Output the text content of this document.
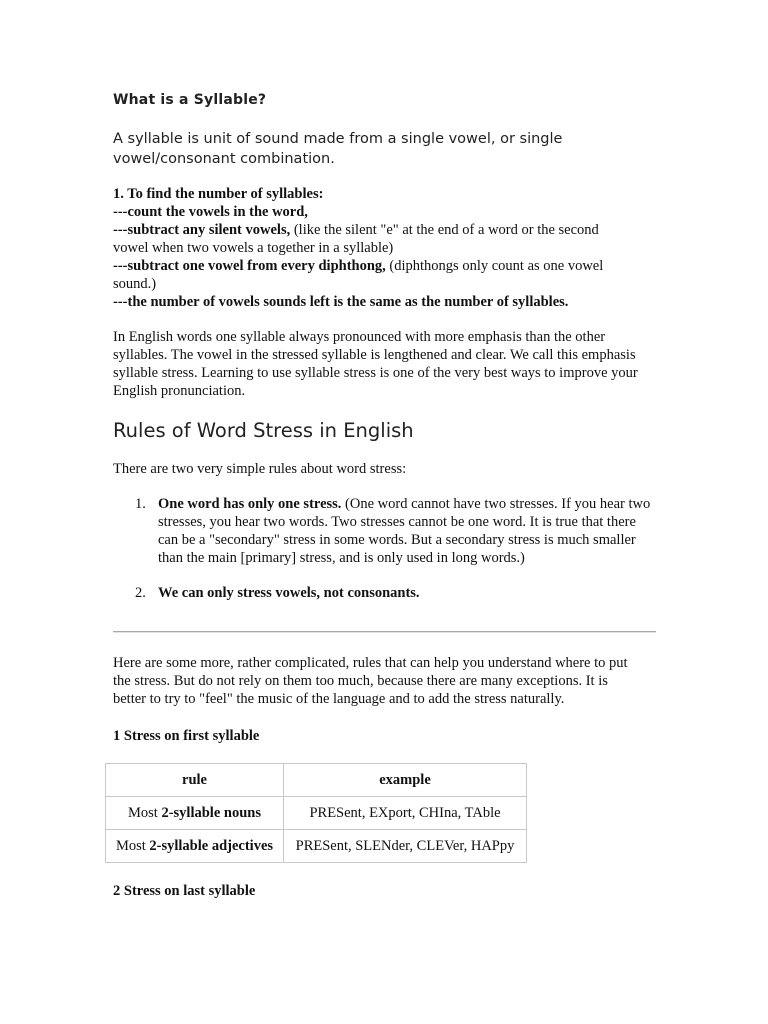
What is a Syllable?
A syllable is unit of sound made from a single vowel, or single vowel/consonant combination.
1. To find the number of syllables:
---count the vowels in the word,
---subtract any silent vowels, (like the silent "e" at the end of a word or the second vowel when two vowels a together in a syllable)
---subtract one vowel from every diphthong, (diphthongs only count as one vowel sound.)
---the number of vowels sounds left is the same as the number of syllables.
In English words one syllable always pronounced with more emphasis than the other syllables. The vowel in the stressed syllable is lengthened and clear. We call this emphasis syllable stress. Learning to use syllable stress is one of the very best ways to improve your English pronunciation.
Rules of Word Stress in English
There are two very simple rules about word stress:
1. One word has only one stress. (One word cannot have two stresses. If you hear two stresses, you hear two words. Two stresses cannot be one word. It is true that there can be a "secondary" stress in some words. But a secondary stress is much smaller than the main [primary] stress, and is only used in long words.)
2. We can only stress vowels, not consonants.
Here are some more, rather complicated, rules that can help you understand where to put the stress. But do not rely on them too much, because there are many exceptions. It is better to try to "feel" the music of the language and to add the stress naturally.
1 Stress on first syllable
rule	example
Most 2-syllable nouns	PRESent, EXport, CHIna, TAble
Most 2-syllable adjectives	PRESent, SLENder, CLEVer, HAPpy
2 Stress on last syllable
